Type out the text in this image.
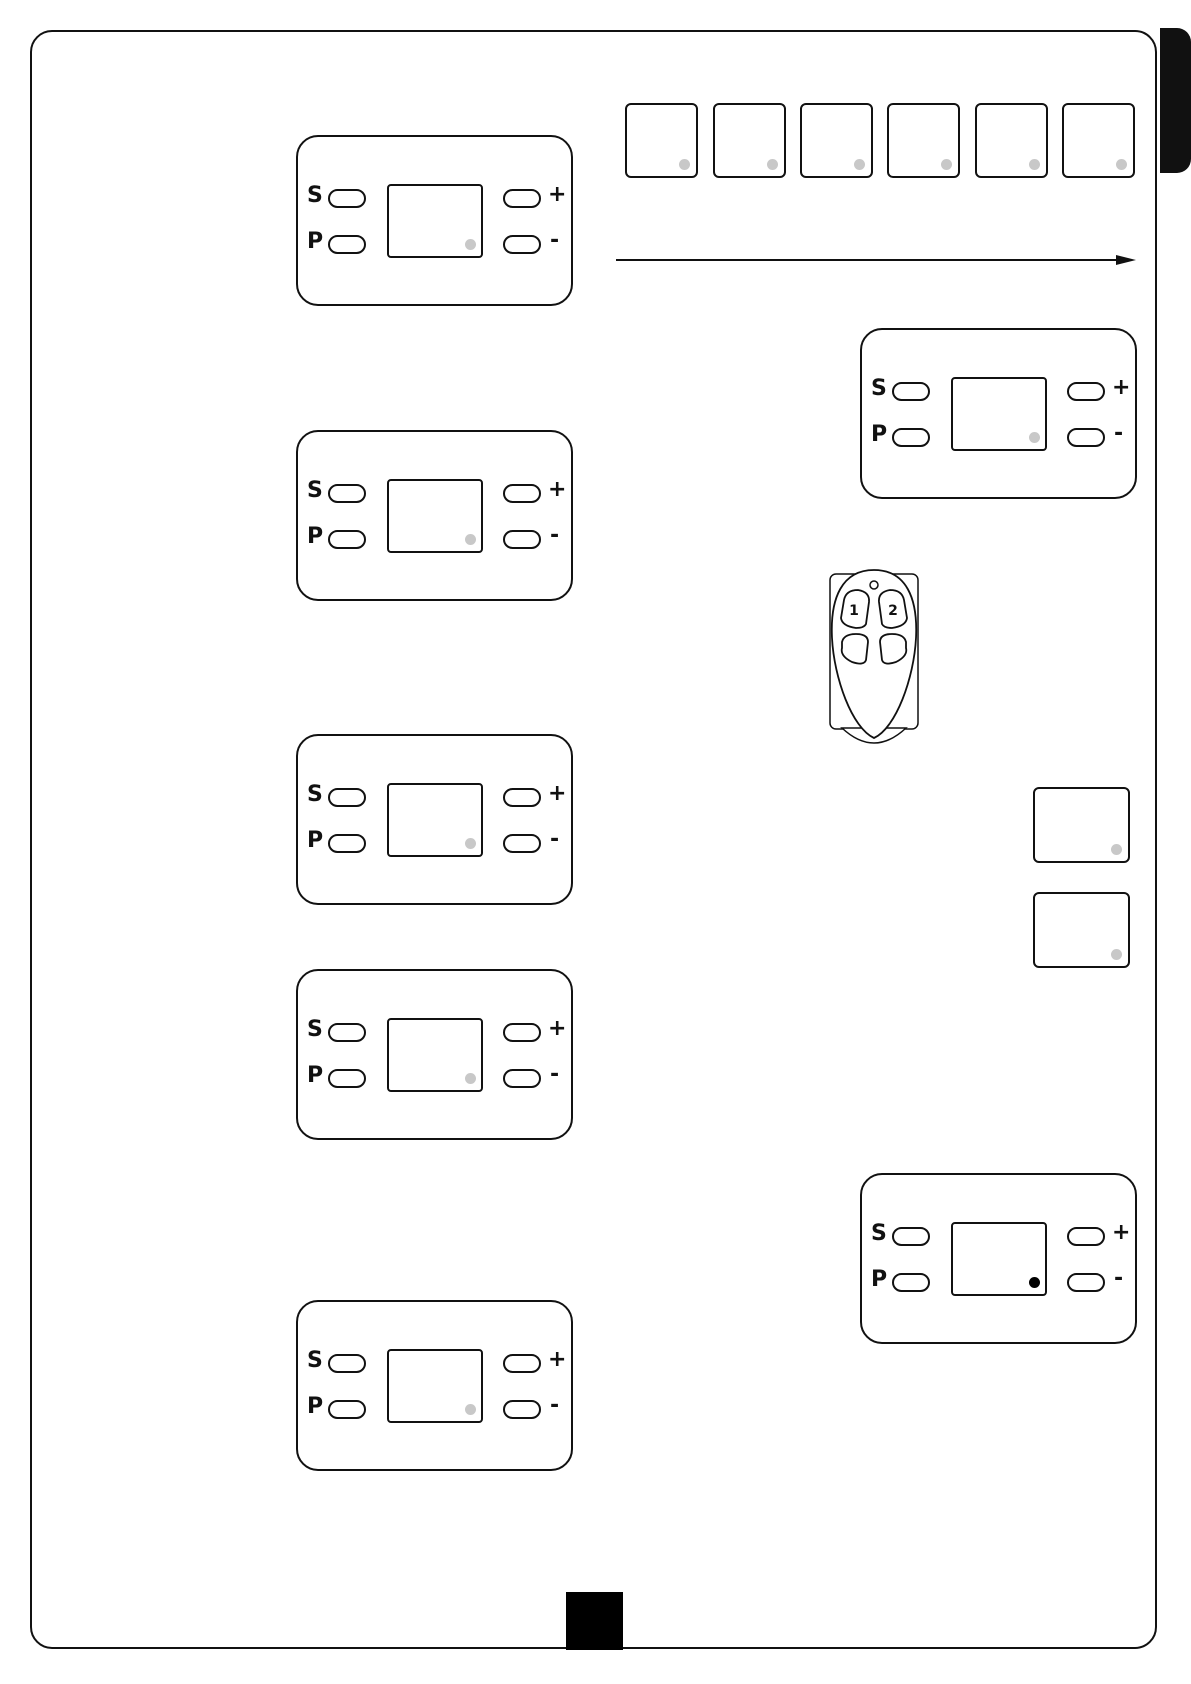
S
P
+
-
S
P
+
-
S
P
+
-
S
P
+
-
S
P
+
-
S
P
+
-
S
P
+
-
1 2
